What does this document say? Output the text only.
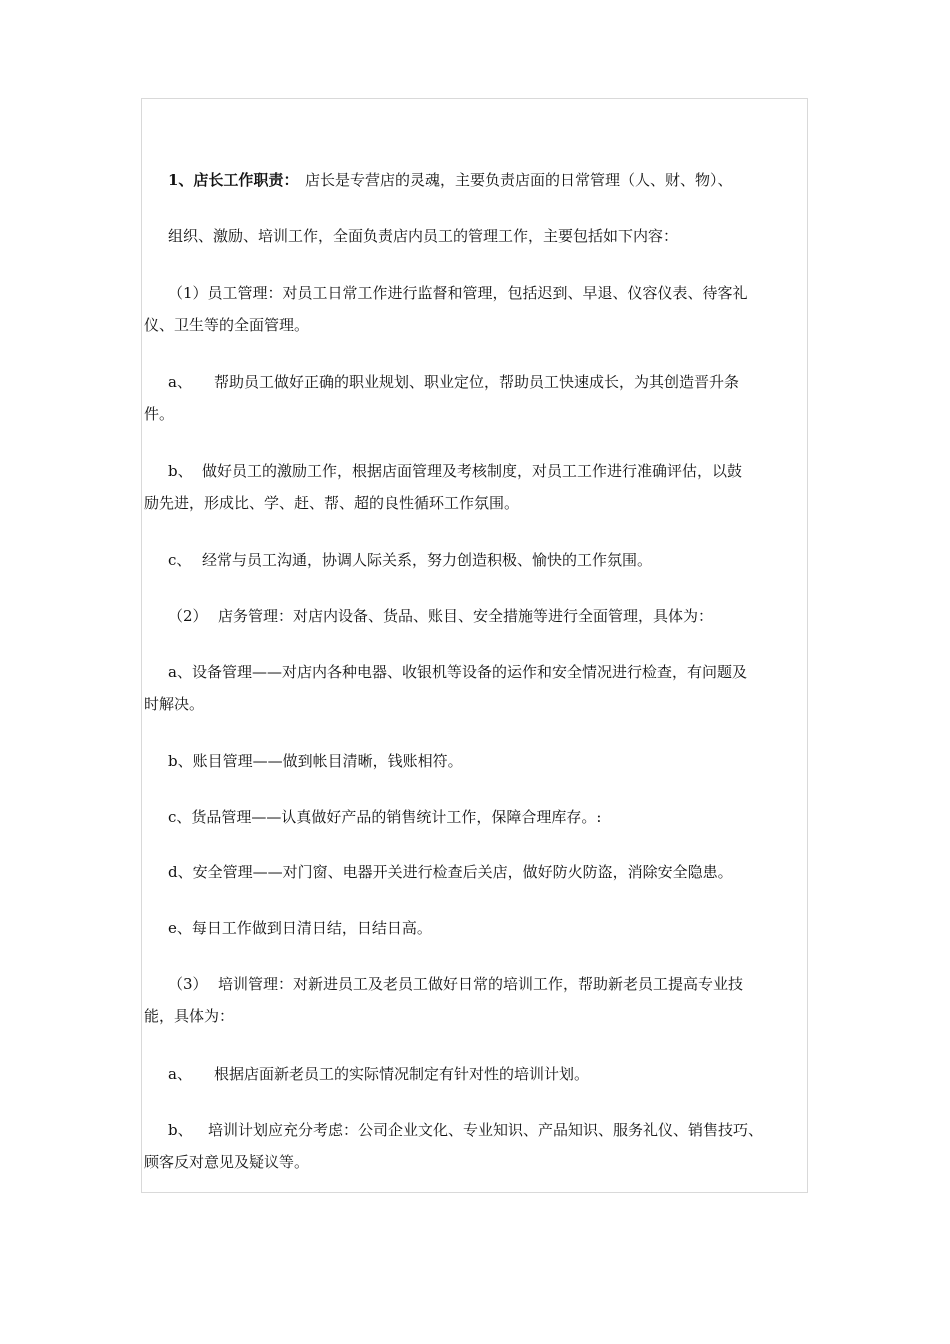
1、店长工作职责： 店长是专营店的灵魂，主要负责店面的日常管理（人、财、物）、
组织、激励、培训工作，全面负责店内员工的管理工作，主要包括如下内容：
（1）员工管理：对员工日常工作进行监督和管理，包括迟到、早退、仪容仪表、待客礼
仪、卫生等的全面管理。
a、 帮助员工做好正确的职业规划、职业定位，帮助员工快速成长，为其创造晋升条
件。
b、 做好员工的激励工作，根据店面管理及考核制度，对员工工作进行准确评估，以鼓
励先进，形成比、学、赶、帮、超的良性循环工作氛围。
c、 经常与员工沟通，协调人际关系，努力创造积极、愉快的工作氛围。
（2） 店务管理：对店内设备、货品、账目、安全措施等进行全面管理，具体为：
a、设备管理——对店内各种电器、收银机等设备的运作和安全情况进行检查，有问题及
时解决。
b、账目管理——做到帐目清晰，钱账相符。
c、货品管理——认真做好产品的销售统计工作，保障合理库存。:
d、安全管理——对门窗、电器开关进行检查后关店，做好防火防盗，消除安全隐患。
e、每日工作做到日清日结，日结日高。
（3） 培训管理：对新进员工及老员工做好日常的培训工作，帮助新老员工提高专业技
能，具体为：
a、 根据店面新老员工的实际情况制定有针对性的培训计划。
b、 培训计划应充分考虑：公司企业文化、专业知识、产品知识、服务礼仪、销售技巧、
顾客反对意见及疑议等。
